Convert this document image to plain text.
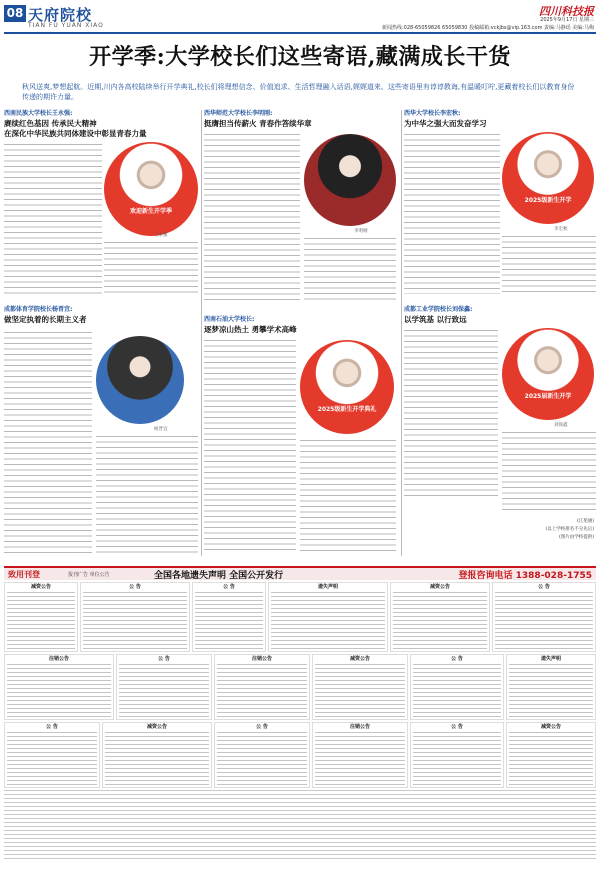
08 天府院校
TIAN FU YUAN XIAO
四川科技报
2025年9月17日 星期三
新闻热线:028-65059826 65059830 投稿邮箱:vckjbs@vip.163.com 责编:马静瑶 美编:马梅
开学季:大学校长们这些寄语,藏满成长干货
秋风送爽,梦想起航。近期,川内各高校陆续举行开学典礼,校长们将理想信念、价值追求、生活哲理融入话语,娓娓道来。这些寄语里有谆谆教诲,有温暖叮咛,更藏着校长们以教育身份传递的期许力量。
西南民族大学校长王永强:
赓续红色基因 传承民大精神
在深化中华民族共同体建设中彰显青春力量
欢迎新生开学季
王永强
成都体育学院校长杨晋宜:
做坚定执着的长期主义者
杨晋宜
西华师范大学校长李明刚:
挺膺担当传薪火 青春作答续华章
李明刚
西南石油大学校长:
逐梦凉山热土 勇攀学术高峰
2025级新生开学典礼
西华大学校长李宏秋:
为中华之强大而发奋学习
2025级新生开学
李宏秋
成都工业学院校长刘保鑫:
以学筑基 以行致远
2025届新生开学
刘保鑫
(江苑涵)
(以上学校排名不分先后)
(图片由学校提供)
致用刊登	报刊广告 单位公告	全国各地遗失声明 全国公开发行	登报咨询电话 1388-028-1755
减资公告	公 告	公 告	遗失声明	减资公告	公 告
注销公告	公 告	注销公告	减资公告	公 告	遗失声明
公 告	减资公告	公 告	注销公告	公 告	减资公告
